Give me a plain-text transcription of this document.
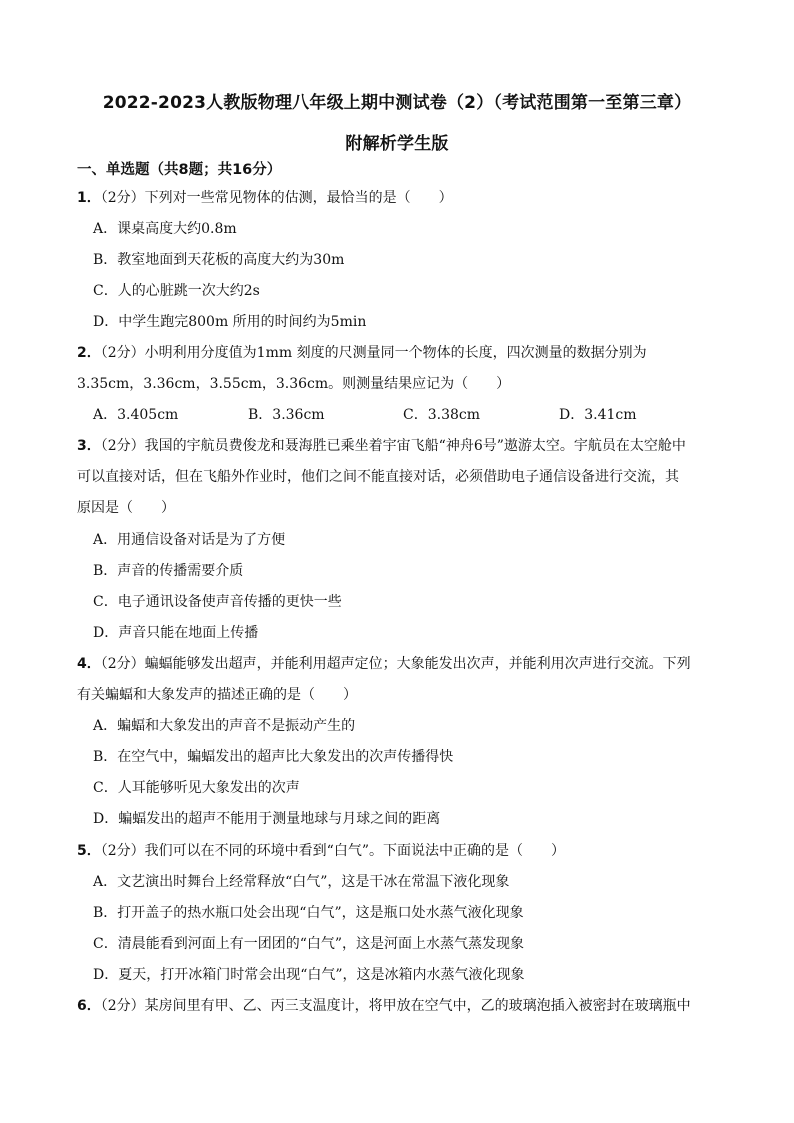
2022-2023人教版物理八年级上期中测试卷（2）（考试范围第一至第三章）
附解析学生版
一、单选题（共8题；共16分）
1．（2分）下列对一些常见物体的估测，最恰当的是（　　）
A．课桌高度大约0.8m
B．教室地面到天花板的高度大约为30m
C．人的心脏跳一次大约2s
D．中学生跑完800m 所用的时间约为5min
2．（2分）小明利用分度值为1mm 刻度的尺测量同一个物体的长度，四次测量的数据分别为
3.35cm，3.36cm，3.55cm，3.36cm。则测量结果应记为（　　）
A．3.405cm	B．3.36cm	C．3.38cm	D．3.41cm
3．（2分）我国的宇航员费俊龙和聂海胜已乘坐着宇宙飞船“神舟6号”遨游太空。宇航员在太空舱中
可以直接对话，但在飞船外作业时，他们之间不能直接对话，必须借助电子通信设备进行交流，其
原因是（　　）
A．用通信设备对话是为了方便
B．声音的传播需要介质
C．电子通讯设备使声音传播的更快一些
D．声音只能在地面上传播
4．（2分）蝙蝠能够发出超声，并能利用超声定位；大象能发出次声，并能利用次声进行交流。下列
有关蝙蝠和大象发声的描述正确的是（　　）
A．蝙蝠和大象发出的声音不是振动产生的
B．在空气中，蝙蝠发出的超声比大象发出的次声传播得快
C．人耳能够听见大象发出的次声
D．蝙蝠发出的超声不能用于测量地球与月球之间的距离
5．（2分）我们可以在不同的环境中看到“白气”。下面说法中正确的是（　　）
A．文艺演出时舞台上经常释放“白气”，这是干冰在常温下液化现象
B．打开盖子的热水瓶口处会出现“白气”，这是瓶口处水蒸气液化现象
C．清晨能看到河面上有一团团的“白气”，这是河面上水蒸气蒸发现象
D．夏天，打开冰箱门时常会出现“白气”，这是冰箱内水蒸气液化现象
6．（2分）某房间里有甲、乙、丙三支温度计，将甲放在空气中，乙的玻璃泡插入被密封在玻璃瓶中
